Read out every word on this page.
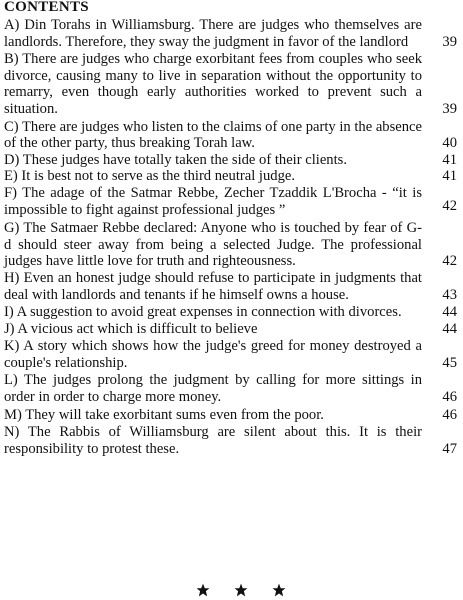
CONTENTS
A) Din Torahs in Williamsburg. There are judges who themselves are landlords. Therefore, they sway the judgment in favor of the landlord	39
B) There are judges who charge exorbitant fees from couples who seek divorce, causing many to live in separation without the opportunity to remarry, even though early authorities worked to prevent such a situation.	39
C) There are judges who listen to the claims of one party in the absence of the other party, thus breaking Torah law.	40
D) These judges have totally taken the side of their clients.	41
E) It is best not to serve as the third neutral judge.	41
F) The adage of the Satmar Rebbe, Zecher Tzaddik L'Brocha - “it is impossible to fight against professional judges ”	42
G) The Satmaer Rebbe declared: Anyone who is touched by fear of G-d should steer away from being a selected Judge. The professional judges have little love for truth and righteousness.	42
H) Even an honest judge should refuse to participate in judgments that deal with landlords and tenants if he himself owns a house.	43
I) A suggestion to avoid great expenses in connection with divorces.	44
J) A vicious act which is difficult to believe	44
K) A story which shows how the judge's greed for money destroyed a couple's relationship.	45
L) The judges prolong the judgment by calling for more sittings in order in order to charge more money.	46
M) They will take exorbitant sums even from the poor.	46
N) The Rabbis of Williamsburg are silent about this. It is their responsibility to protest these.	47
